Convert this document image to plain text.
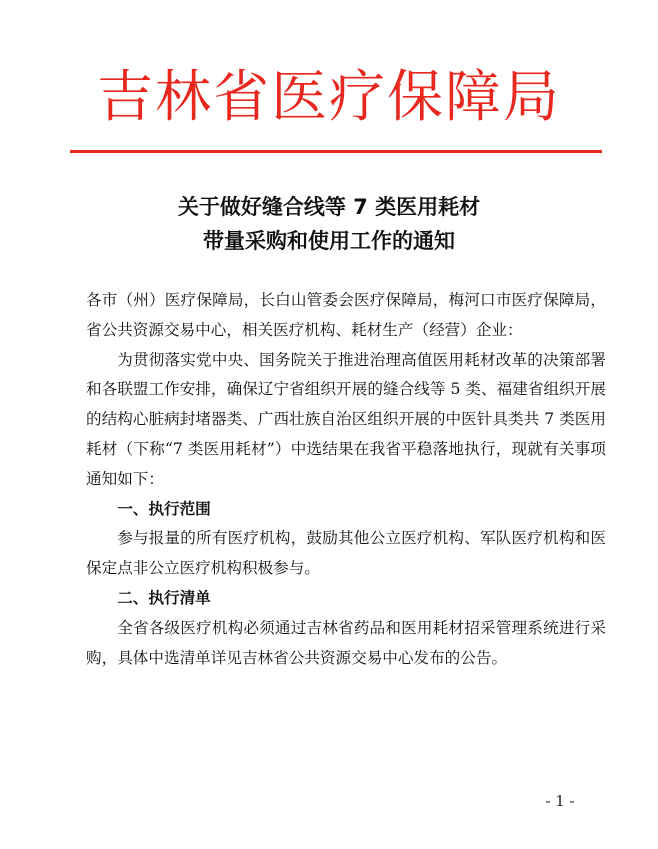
吉林省医疗保障局
关于做好缝合线等 7 类医用耗材
带量采购和使用工作的通知

各市（州）医疗保障局，长白山管委会医疗保障局，梅河口市医疗保障局，省公共资源交易中心，相关医疗机构、耗材生产（经营）企业：

为贯彻落实党中央、国务院关于推进治理高值医用耗材改革的决策部署和各联盟工作安排，确保辽宁省组织开展的缝合线等 5 类、福建省组织开展的结构心脏病封堵器类、广西壮族自治区组织开展的中医针具类共 7 类医用耗材（下称“7 类医用耗材”）中选结果在我省平稳落地执行，现就有关事项通知如下：

一、执行范围

参与报量的所有医疗机构，鼓励其他公立医疗机构、军队医疗机构和医保定点非公立医疗机构积极参与。

二、执行清单

全省各级医疗机构必须通过吉林省药品和医用耗材招采管理系统进行采购，具体中选清单详见吉林省公共资源交易中心发布的公告。

- 1 -
